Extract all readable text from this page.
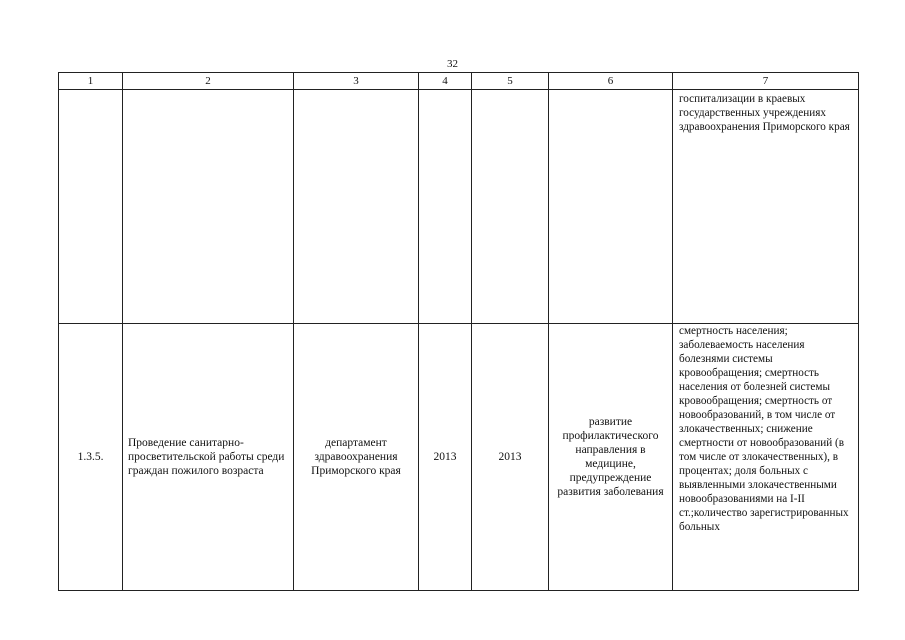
32
1	2	3	4	5	6	7
						госпитализации в краевых государственных учреждениях здравоохранения Приморского края
1.3.5.	Проведение санитарно-просветительской работы среди граждан пожилого возраста	департамент здравоохранения Приморского края	2013	2013	развитие профилактического направления в медицине, предупреждение развития заболевания	смертность населения; заболеваемость населения болезнями системы кровообращения; смертность населения от болезней системы кровообращения; смертность от новообразований, в том числе от злокачественных; снижение смертности от новообразований (в том числе от злокачественных), в процентах; доля больных с выявленными злокачественными новообразованиями на I-II ст.;количество зарегистрированных больных
